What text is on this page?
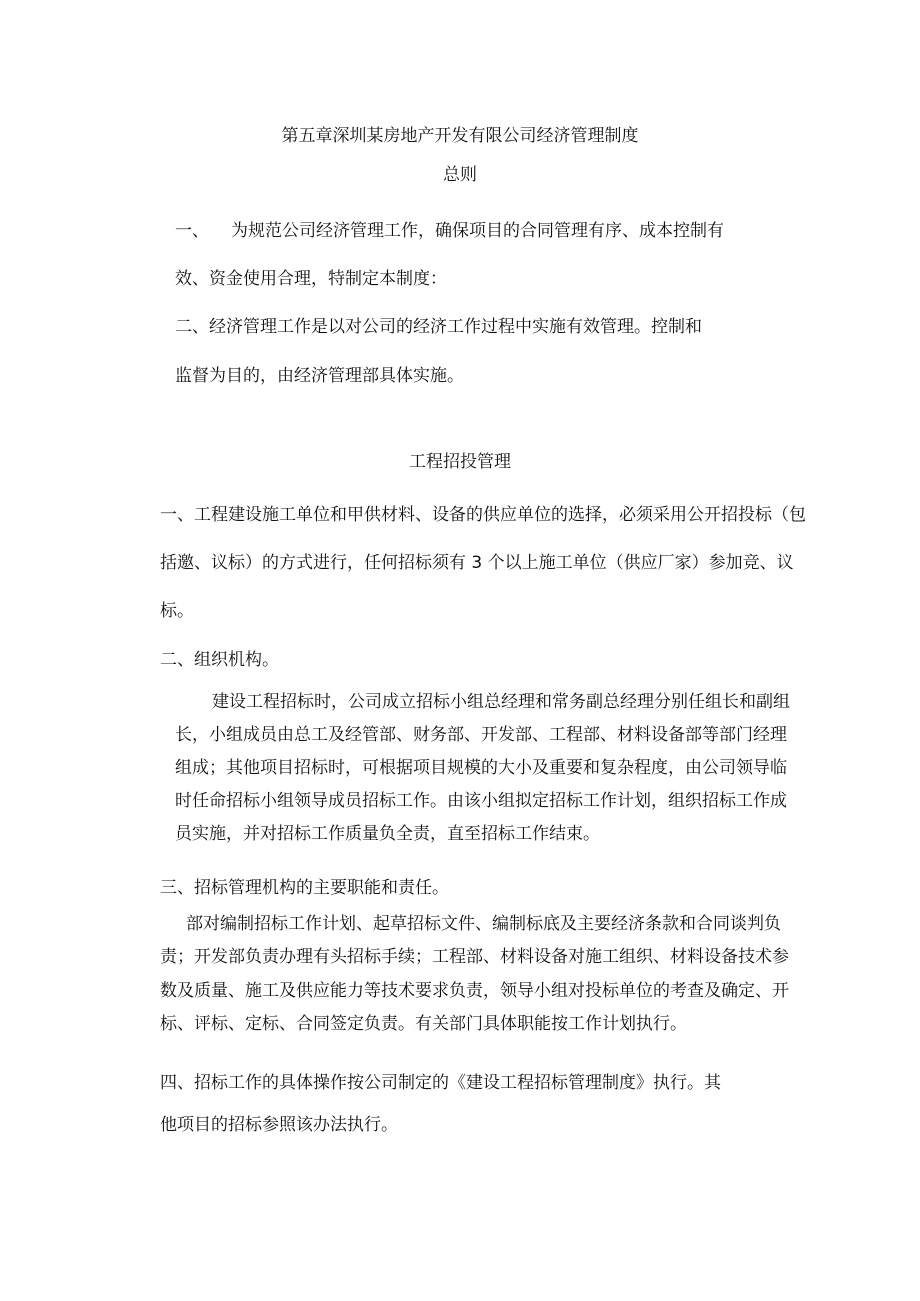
第五章深圳某房地产开发有限公司经济管理制度

总则

一、 为规范公司经济管理工作，确保项目的合同管理有序、成本控制有

效、资金使用合理，特制定本制度：

二、经济管理工作是以对公司的经济工作过程中实施有效管理。控制和

监督为目的，由经济管理部具体实施。

工程招投管理

一、工程建设施工单位和甲供材料、设备的供应单位的选择，必须采用公开招投标（包

括邀、议标）的方式进行，任何招标须有 3 个以上施工单位（供应厂家）参加竞、议

标。

二、组织机构。

建设工程招标时，公司成立招标小组总经理和常务副总经理分别任组长和副组

长，小组成员由总工及经管部、财务部、开发部、工程部、材料设备部等部门经理

组成；其他项目招标时，可根据项目规模的大小及重要和复杂程度，由公司领导临

时任命招标小组领导成员招标工作。由该小组拟定招标工作计划，组织招标工作成

员实施，并对招标工作质量负全责，直至招标工作结束。

三、招标管理机构的主要职能和责任。

部对编制招标工作计划、起草招标文件、编制标底及主要经济条款和合同谈判负

责；开发部负责办理有头招标手续；工程部、材料设备对施工组织、材料设备技术参

数及质量、施工及供应能力等技术要求负责，领导小组对投标单位的考查及确定、开

标、评标、定标、合同签定负责。有关部门具体职能按工作计划执行。

四、招标工作的具体操作按公司制定的《建设工程招标管理制度》执行。其

他项目的招标参照该办法执行。
